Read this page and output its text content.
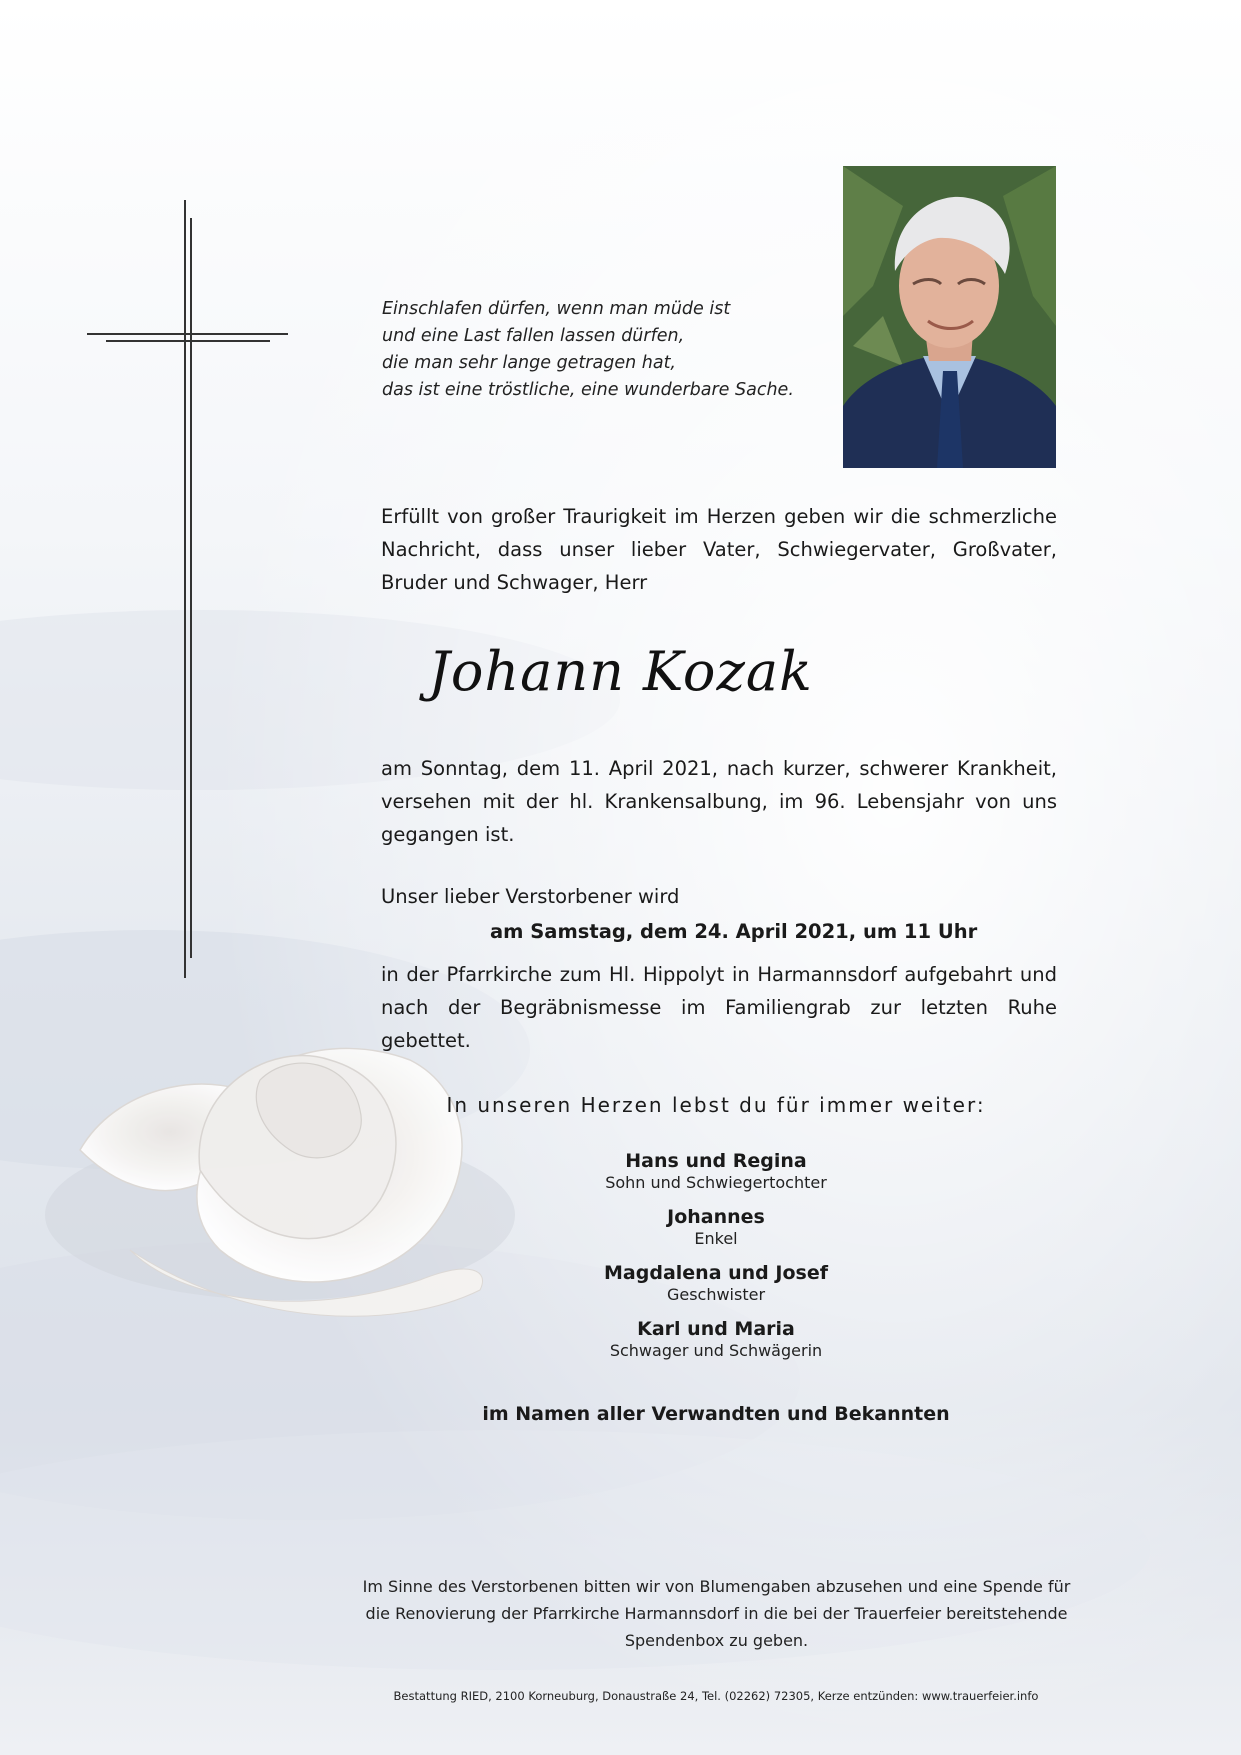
Einschlafen dürfen, wenn man müde ist
und eine Last fallen lassen dürfen,
die man sehr lange getragen hat,
das ist eine tröstliche, eine wunderbare Sache.
Erfüllt von großer Traurigkeit im Herzen geben wir die schmerzliche Nachricht, dass unser lieber Vater, Schwiegervater, Großvater, Bruder und Schwager, Herr
Johann Kozak
am Sonntag, dem 11. April 2021, nach kurzer, schwerer Krankheit, versehen mit der hl. Krankensalbung, im 96. Lebensjahr von uns gegangen ist.
Unser lieber Verstorbener wird
am Samstag, dem 24. April 2021, um 11 Uhr
in der Pfarrkirche zum Hl. Hippolyt in Harmannsdorf aufgebahrt und nach der Begräbnismesse im Familiengrab zur letzten Ruhe gebettet.
In unseren Herzen lebst du für immer weiter:
Hans und Regina
Sohn und Schwiegertochter
Johannes
Enkel
Magdalena und Josef
Geschwister
Karl und Maria
Schwager und Schwägerin
im Namen aller Verwandten und Bekannten
Im Sinne des Verstorbenen bitten wir von Blumengaben abzusehen und eine Spende für die Renovierung der Pfarrkirche Harmannsdorf in die bei der Trauerfeier bereitstehende Spendenbox zu geben.
Bestattung RIED, 2100 Korneuburg, Donaustraße 24, Tel. (02262) 72305, Kerze entzünden: www.trauerfeier.info
